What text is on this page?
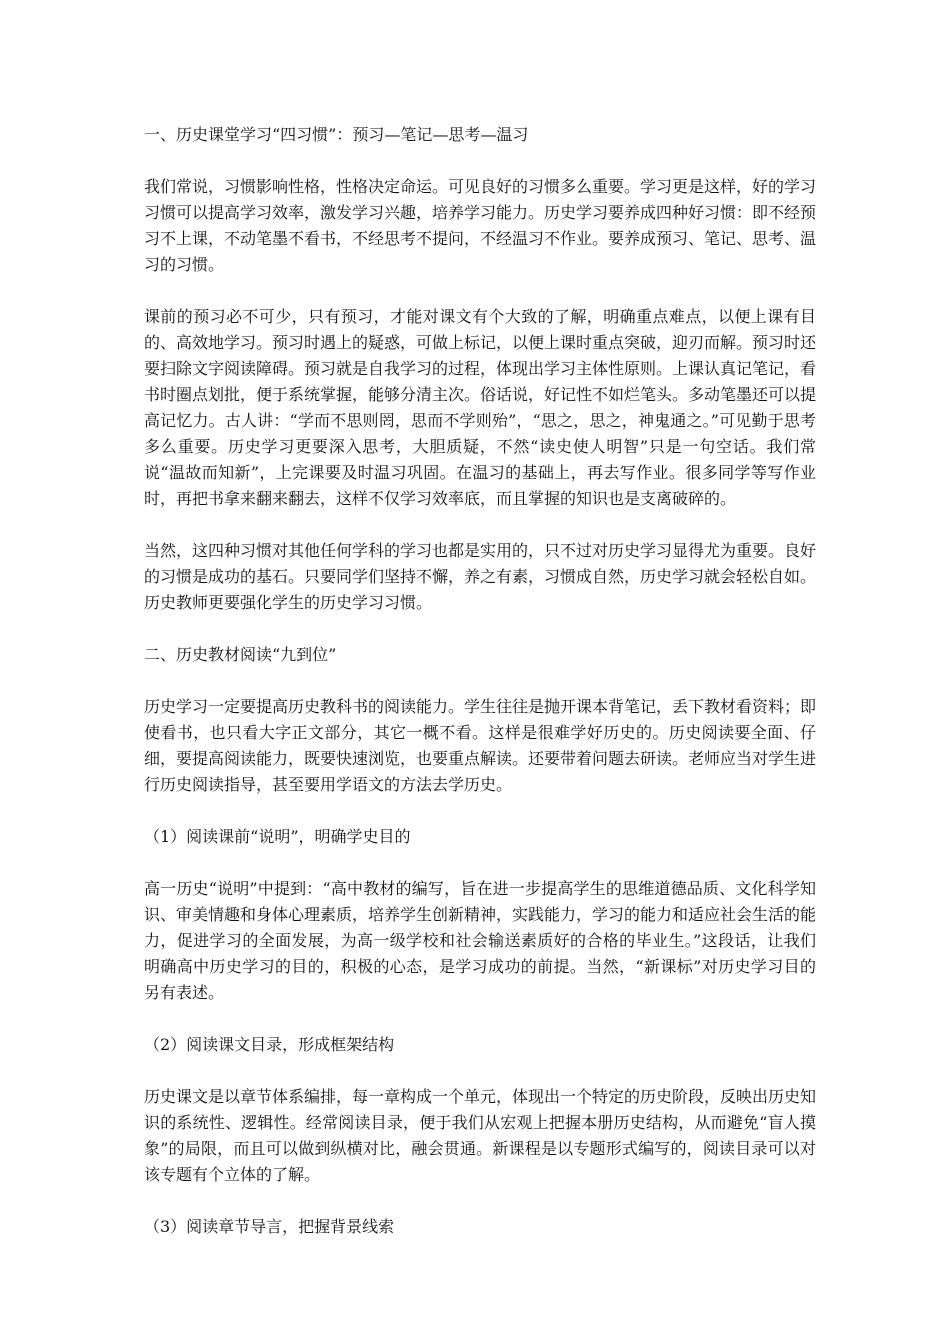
一、历史课堂学习“四习惯”：预习—笔记—思考—温习

我们常说，习惯影响性格，性格决定命运。可见良好的习惯多么重要。学习更是这样，好的学习习惯可以提高学习效率，激发学习兴趣，培养学习能力。历史学习要养成四种好习惯：即不经预习不上课，不动笔墨不看书，不经思考不提问，不经温习不作业。要养成预习、笔记、思考、温习的习惯。

课前的预习必不可少，只有预习，才能对课文有个大致的了解，明确重点难点，以便上课有目的、高效地学习。预习时遇上的疑惑，可做上标记，以便上课时重点突破，迎刃而解。预习时还要扫除文字阅读障碍。预习就是自我学习的过程，体现出学习主体性原则。上课认真记笔记，看书时圈点划批，便于系统掌握，能够分清主次。俗话说，好记性不如烂笔头。多动笔墨还可以提高记忆力。古人讲：“学而不思则罔，思而不学则殆”，“思之，思之，神鬼通之。”可见勤于思考多么重要。历史学习更要深入思考，大胆质疑，不然“读史使人明智”只是一句空话。我们常说“温故而知新”，上完课要及时温习巩固。在温习的基础上，再去写作业。很多同学等写作业时，再把书拿来翻来翻去，这样不仅学习效率底，而且掌握的知识也是支离破碎的。

当然，这四种习惯对其他任何学科的学习也都是实用的，只不过对历史学习显得尤为重要。良好的习惯是成功的基石。只要同学们坚持不懈，养之有素，习惯成自然，历史学习就会轻松自如。历史教师更要强化学生的历史学习习惯。

二、历史教材阅读“九到位”

历史学习一定要提高历史教科书的阅读能力。学生往往是抛开课本背笔记，丢下教材看资料；即使看书，也只看大字正文部分，其它一概不看。这样是很难学好历史的。历史阅读要全面、仔细，要提高阅读能力，既要快速浏览，也要重点解读。还要带着问题去研读。老师应当对学生进行历史阅读指导，甚至要用学语文的方法去学历史。

（1）阅读课前“说明”，明确学史目的

高一历史“说明”中提到：“高中教材的编写，旨在进一步提高学生的思维道德品质、文化科学知识、审美情趣和身体心理素质，培养学生创新精神，实践能力，学习的能力和适应社会生活的能力，促进学习的全面发展，为高一级学校和社会输送素质好的合格的毕业生。”这段话，让我们明确高中历史学习的目的，积极的心态，是学习成功的前提。当然，“新课标”对历史学习目的另有表述。

（2）阅读课文目录，形成框架结构

历史课文是以章节体系编排，每一章构成一个单元，体现出一个特定的历史阶段，反映出历史知识的系统性、逻辑性。经常阅读目录，便于我们从宏观上把握本册历史结构，从而避免“盲人摸象”的局限，而且可以做到纵横对比，融会贯通。新课程是以专题形式编写的，阅读目录可以对该专题有个立体的了解。

（3）阅读章节导言，把握背景线索
